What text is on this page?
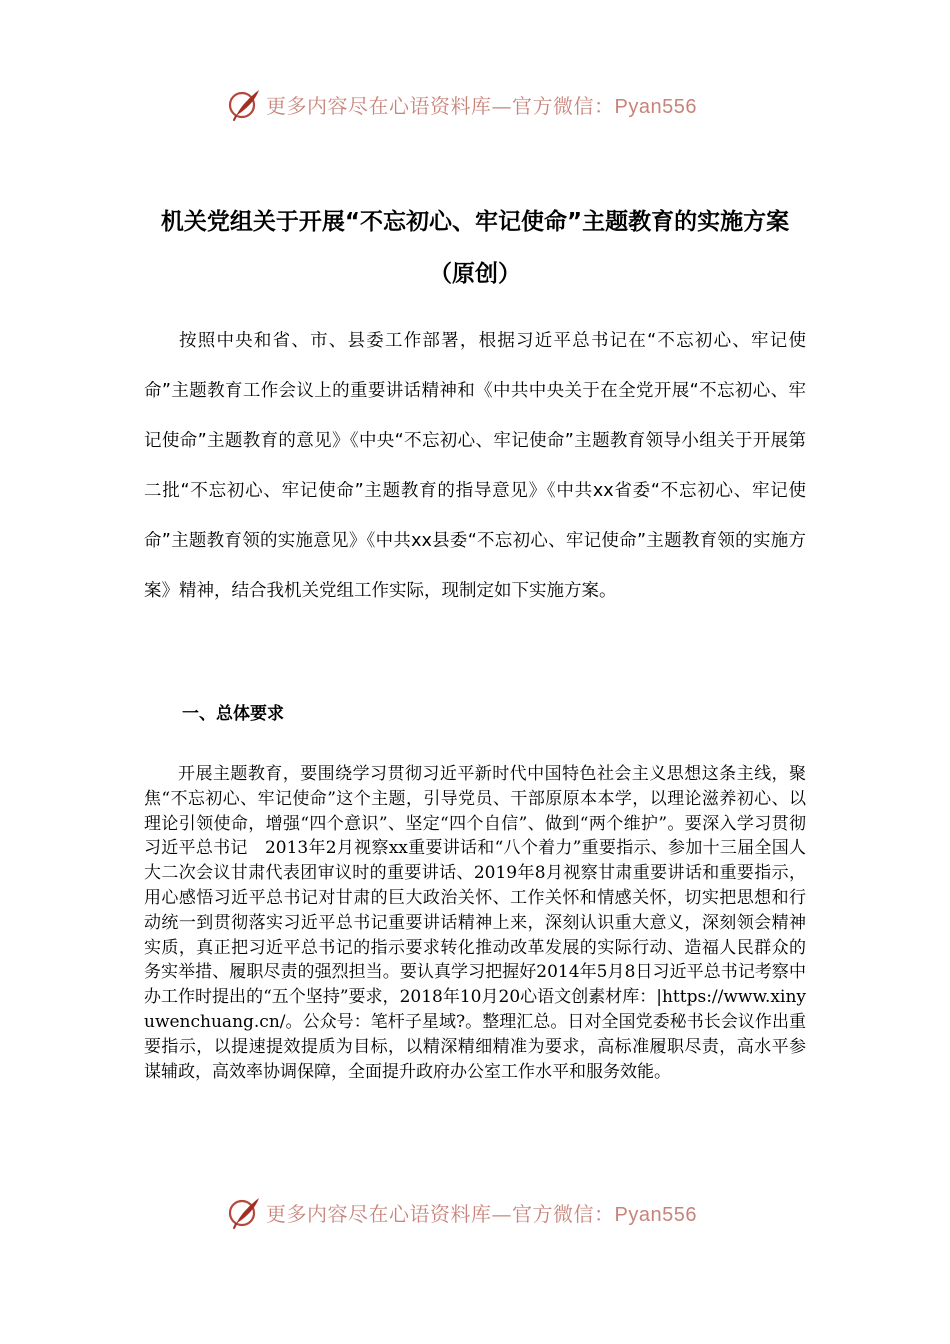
更多内容尽在心语资料库—官方微信：Pyan556
机关党组关于开展“不忘初心、牢记使命”主题教育的实施方案（原创）

按照中央和省、市、县委工作部署，根据习近平总书记在“不忘初心、牢记使命”主题教育工作会议上的重要讲话精神和《中共中央关于在全党开展“不忘初心、牢记使命”主题教育的意见》《中央“不忘初心、牢记使命”主题教育领导小组关于开展第二批“不忘初心、牢记使命”主题教育的指导意见》《中共xx省委“不忘初心、牢记使命”主题教育领的实施意见》《中共xx县委“不忘初心、牢记使命”主题教育领的实施方案》精神，结合我机关党组工作实际，现制定如下实施方案。

一、总体要求

开展主题教育，要围绕学习贯彻习近平新时代中国特色社会主义思想这条主线，聚焦“不忘初心、牢记使命”这个主题，引导党员、干部原原本本学，以理论滋养初心、以理论引领使命，增强“四个意识”、坚定“四个自信”、做到“两个维护”。要深入学习贯彻习近平总书记　2013年2月视察xx重要讲话和“八个着力”重要指示、参加十三届全国人大二次会议甘肃代表团审议时的重要讲话、2019年8月视察甘肃重要讲话和重要指示，用心感悟习近平总书记对甘肃的巨大政治关怀、工作关怀和情感关怀，切实把思想和行动统一到贯彻落实习近平总书记重要讲话精神上来，深刻认识重大意义，深刻领会精神实质，真正把习近平总书记的指示要求转化推动改革发展的实际行动、造福人民群众的务实举措、履职尽责的强烈担当。要认真学习把握好2014年5月8日习近平总书记考察中办工作时提出的“五个坚持”要求，2018年10月20心语文创素材库：|https://www.xinyuwenchuang.cn/。公众号：笔杆子星域?。整理汇总。日对全国党委秘书长会议作出重要指示，以提速提效提质为目标，以精深精细精准为要求，高标准履职尽责，高水平参谋辅政，高效率协调保障，全面提升政府办公室工作水平和服务效能。

更多内容尽在心语资料库—官方微信：Pyan556
